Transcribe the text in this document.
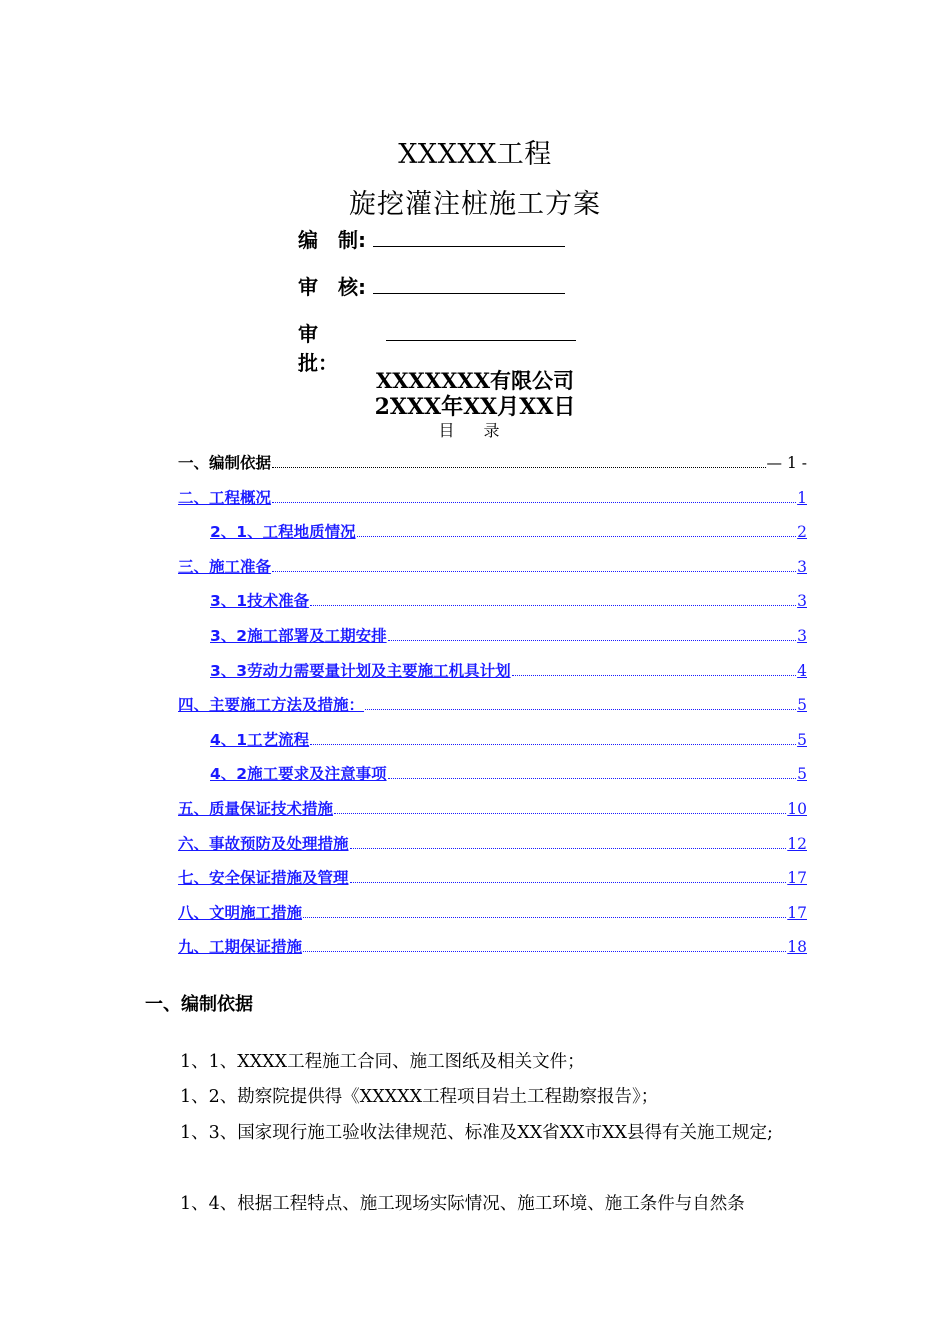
XXXXX工程
旋挖灌注桩施工方案
编　制:
审　核:
审　批：
XXXXXXX有限公司
2XXX年XX月XX日
目 录
一、编制依据	— 1 -
二、工程概况	1
2、1、工程地质情况	2
三、施工准备	3
3、1技术准备	3
3、2施工部署及工期安排	3
3、3劳动力需要量计划及主要施工机具计划	4
四、主要施工方法及措施：	5
4、1工艺流程	5
4、2施工要求及注意事项	5
五、质量保证技术措施	10
六、事故预防及处理措施	12
七、安全保证措施及管理	17
八、文明施工措施	17
九、工期保证措施	18
一、编制依据
1、1、XXXX工程施工合同、施工图纸及相关文件；
1、2、勘察院提供得《XXXXX工程项目岩土工程勘察报告》；
1、3、国家现行施工验收法律规范、标准及XX省XX市XX县得有关施工规定;
1、4、根据工程特点、施工现场实际情况、施工环境、施工条件与自然条
